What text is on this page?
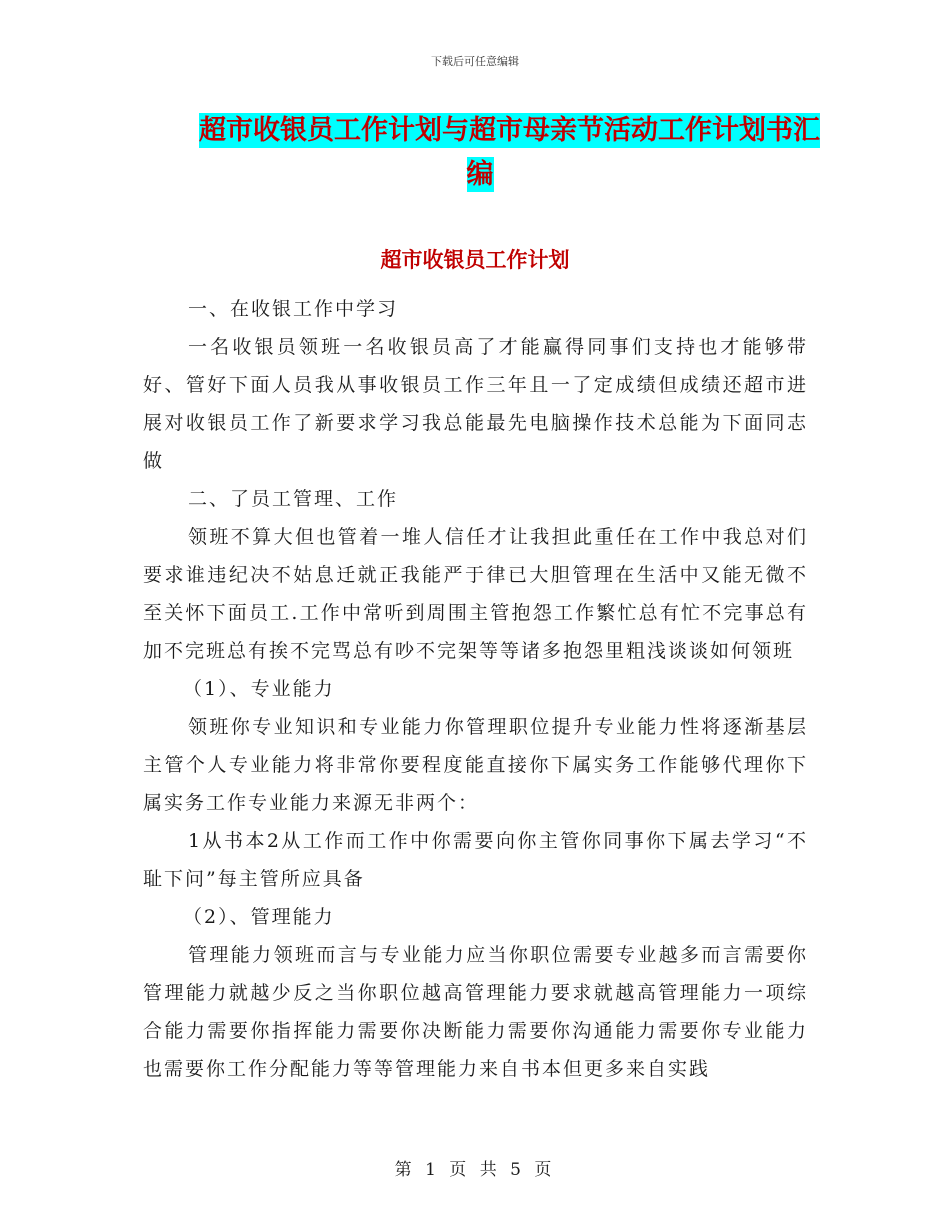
下载后可任意编辑
超市收银员工作计划与超市母亲节活动工作计划书汇
编
超市收银员工作计划

一、在收银工作中学习

一名收银员领班一名收银员高了才能赢得同事们支持也才能够带好、管好下面人员我从事收银员工作三年且一了定成绩但成绩还超市进展对收银员工作了新要求学习我总能最先电脑操作技术总能为下面同志做

二、了员工管理、工作

领班不算大但也管着一堆人信任才让我担此重任在工作中我总对们要求谁违纪决不姑息迁就正我能严于律已大胆管理在生活中又能无微不至关怀下面员工.工作中常听到周围主管抱怨工作繁忙总有忙不完事总有加不完班总有挨不完骂总有吵不完架等等诸多抱怨里粗浅谈谈如何领班

（1）、专业能力

领班你专业知识和专业能力你管理职位提升专业能力性将逐渐基层主管个人专业能力将非常你要程度能直接你下属实务工作能够代理你下属实务工作专业能力来源无非两个：

1从书本2从工作而工作中你需要向你主管你同事你下属去学习“不耻下问”每主管所应具备

（2）、管理能力

管理能力领班而言与专业能力应当你职位需要专业越多而言需要你管理能力就越少反之当你职位越高管理能力要求就越高管理能力一项综合能力需要你指挥能力需要你决断能力需要你沟通能力需要你专业能力也需要你工作分配能力等等管理能力来自书本但更多来自实践

第 1 页 共 5 页
